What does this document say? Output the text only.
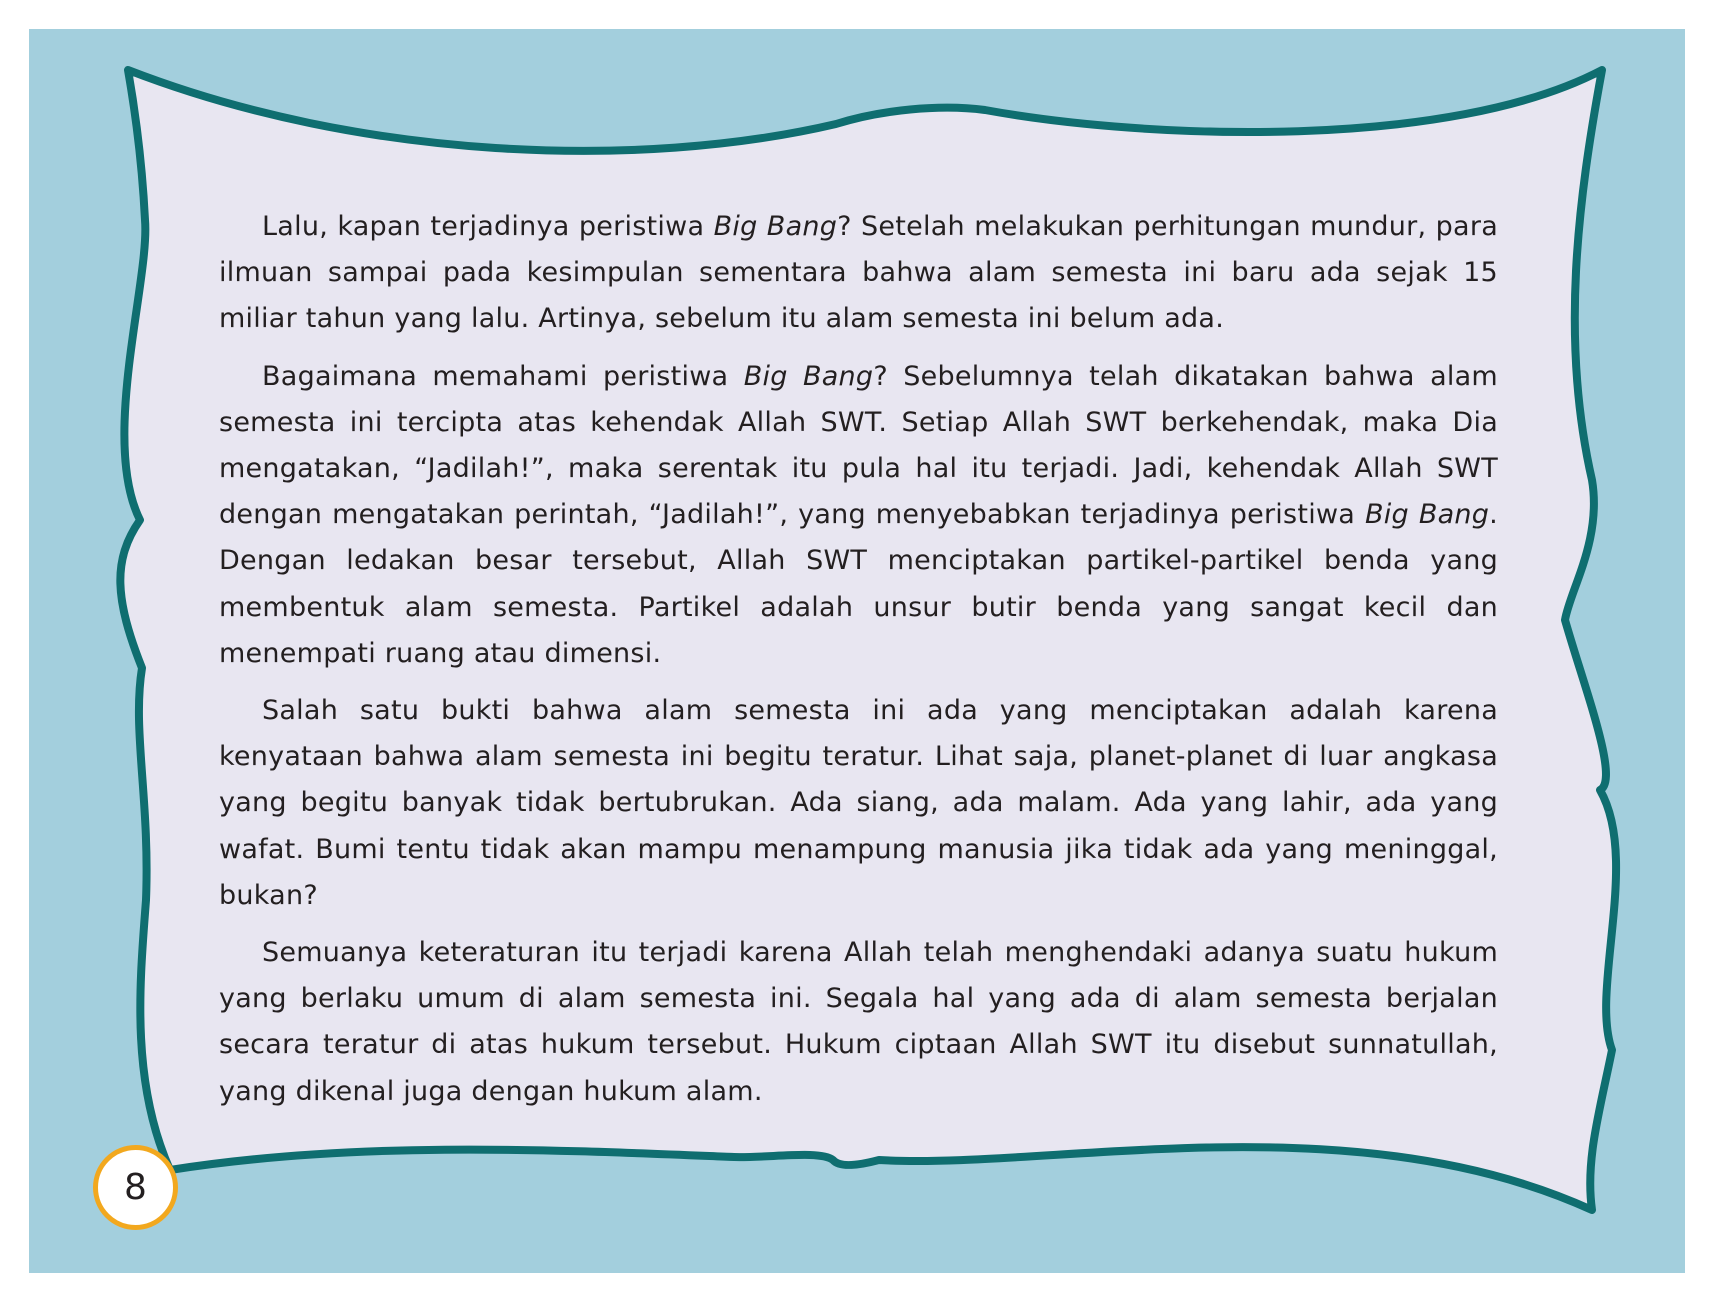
Lalu, kapan terjadinya peristiwa Big Bang? Setelah melakukan perhitungan mundur, para ilmuan sampai pada kesimpulan sementara bahwa alam semesta ini baru ada sejak 15 miliar tahun yang lalu. Artinya, sebelum itu alam semesta ini belum ada.

Bagaimana memahami peristiwa Big Bang? Sebelumnya telah dikatakan bahwa alam semesta ini tercipta atas kehendak Allah SWT. Setiap Allah SWT berkehendak, maka Dia mengatakan, “Jadilah!”, maka serentak itu pula hal itu terjadi. Jadi, kehendak Allah SWT dengan mengatakan perintah, “Jadilah!”, yang menyebabkan terjadinya peristiwa Big Bang. Dengan ledakan besar tersebut, Allah SWT menciptakan partikel-partikel benda yang membentuk alam semesta. Partikel adalah unsur butir benda yang sangat kecil dan menempati ruang atau dimensi.

Salah satu bukti bahwa alam semesta ini ada yang menciptakan adalah karena kenyataan bahwa alam semesta ini begitu teratur. Lihat saja, planet-planet di luar angkasa yang begitu banyak tidak bertubrukan. Ada siang, ada malam. Ada yang lahir, ada yang wafat. Bumi tentu tidak akan mampu menampung manusia jika tidak ada yang meninggal, bukan?

Semuanya keteraturan itu terjadi karena Allah telah menghendaki adanya suatu hukum yang berlaku umum di alam semesta ini. Segala hal yang ada di alam semesta berjalan secara teratur di atas hukum tersebut. Hukum ciptaan Allah SWT itu disebut sunnatullah, yang dikenal juga dengan hukum alam.

8
